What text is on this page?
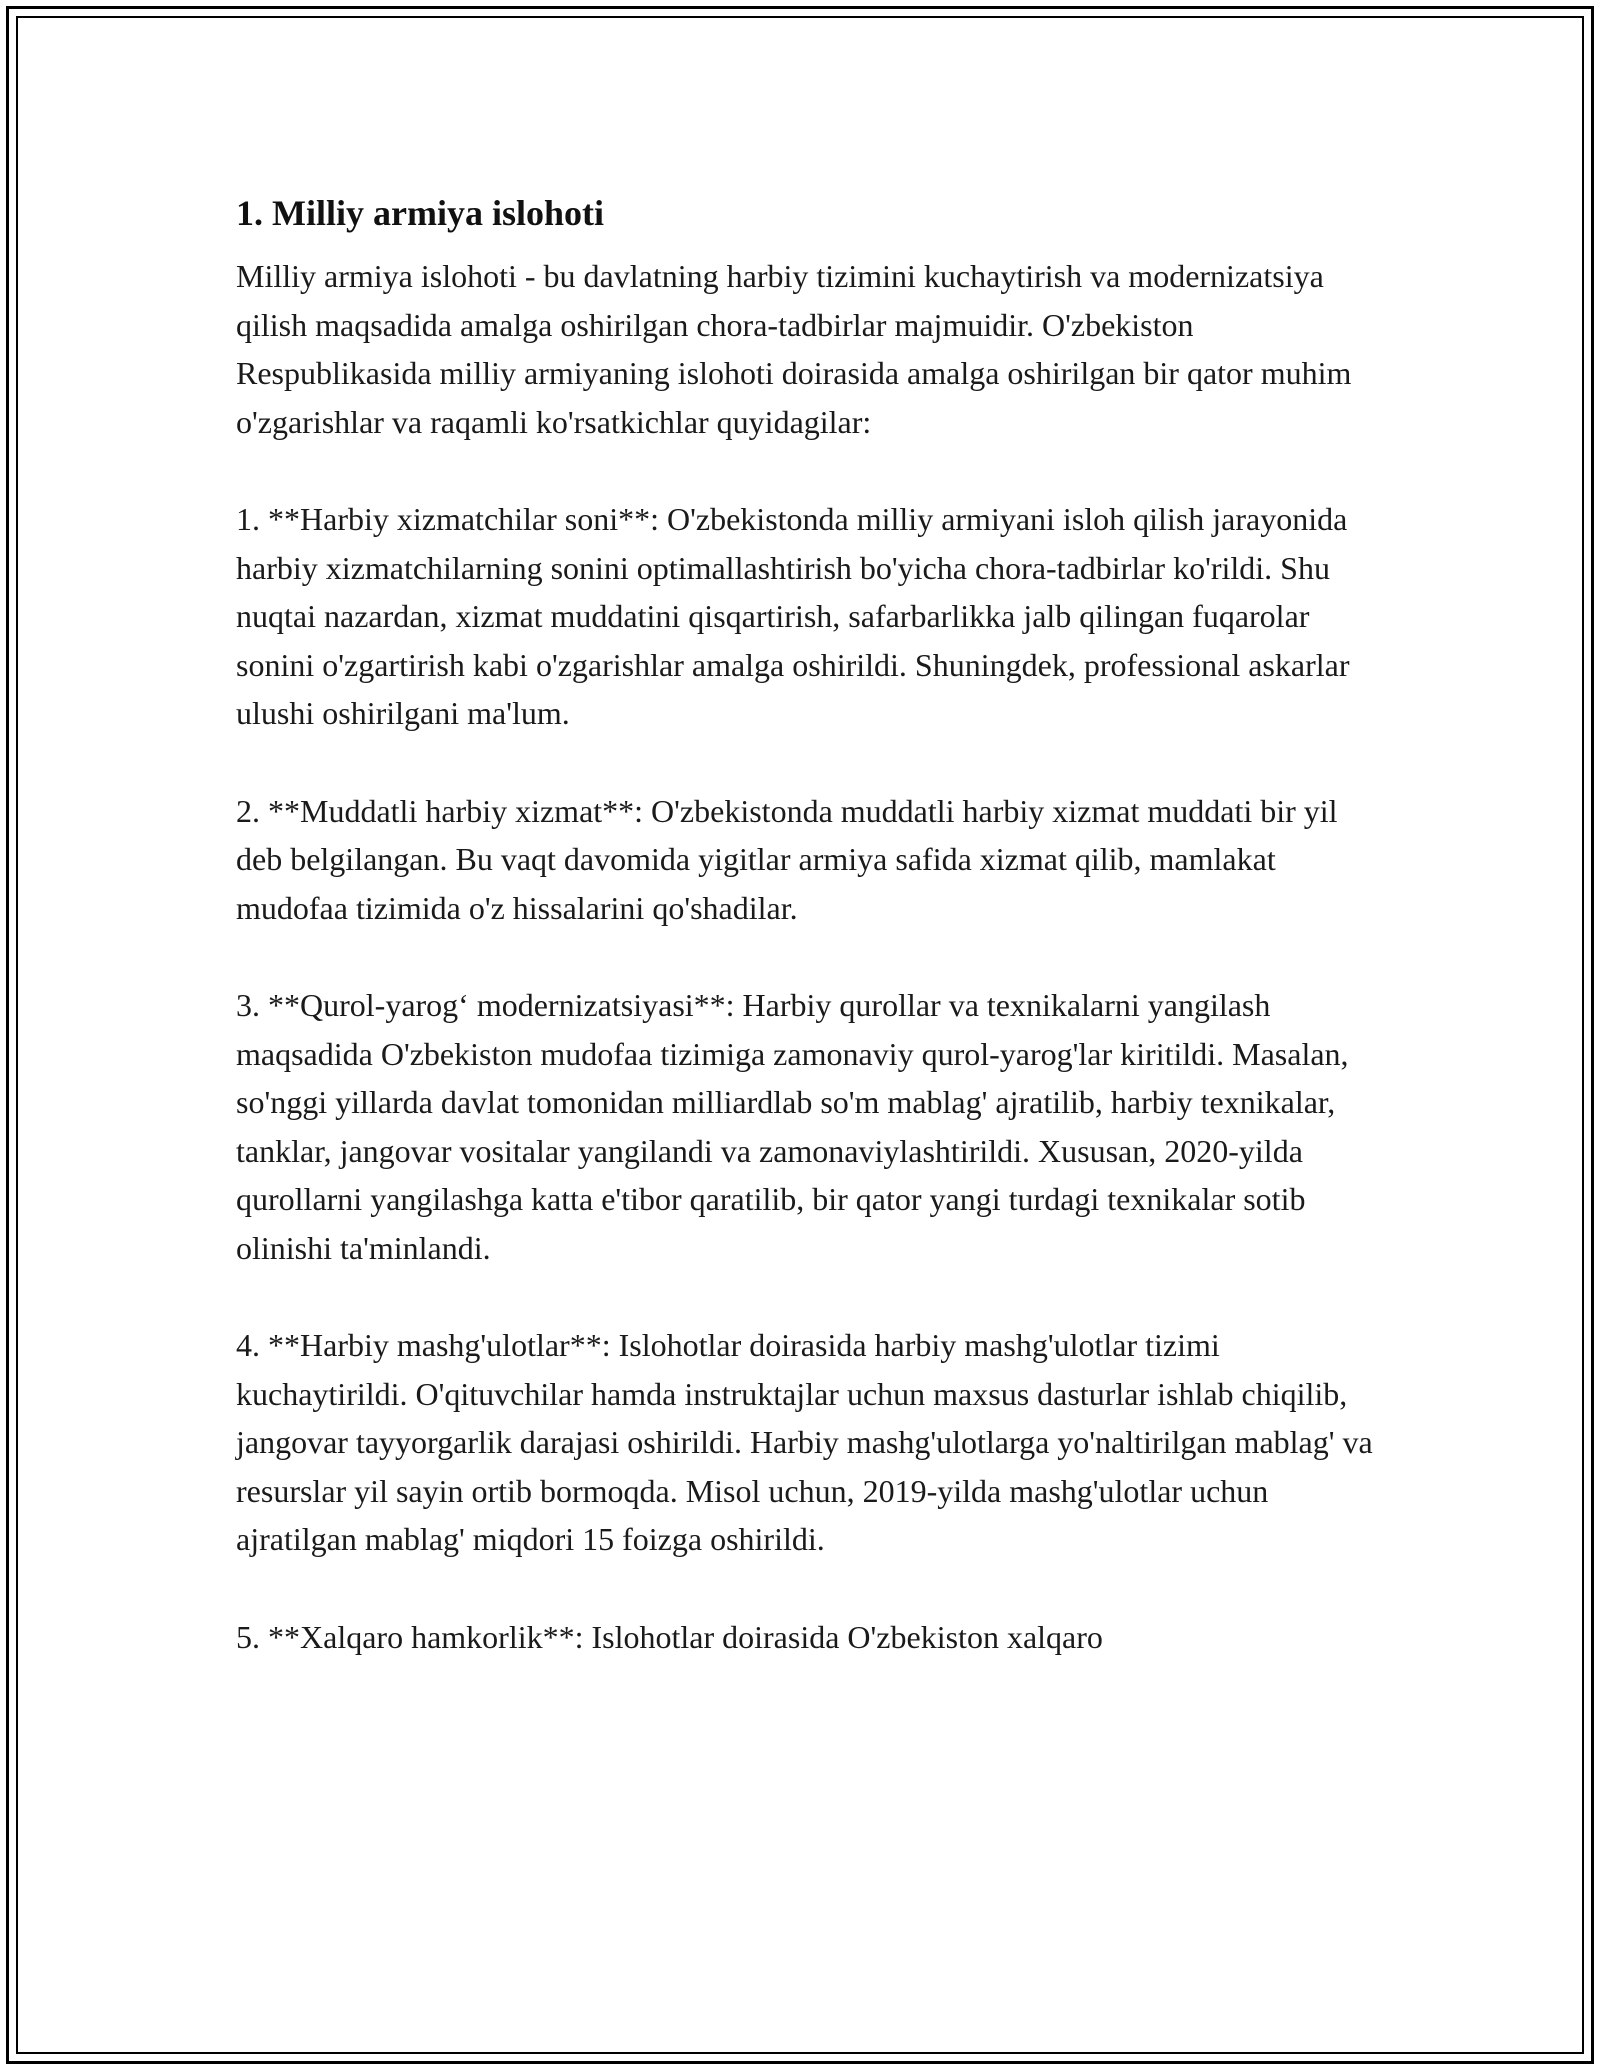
1. Milliy armiya islohoti

Milliy armiya islohoti - bu davlatning harbiy tizimini kuchaytirish va modernizatsiya qilish maqsadida amalga oshirilgan chora-tadbirlar majmuidir. O'zbekiston Respublikasida milliy armiyaning islohoti doirasida amalga oshirilgan bir qator muhim o'zgarishlar va raqamli ko'rsatkichlar quyidagilar:

1. **Harbiy xizmatchilar soni**: O'zbekistonda milliy armiyani isloh qilish jarayonida harbiy xizmatchilarning sonini optimallashtirish bo'yicha chora-tadbirlar ko'rildi. Shu nuqtai nazardan, xizmat muddatini qisqartirish, safarbarlikka jalb qilingan fuqarolar sonini o'zgartirish kabi o'zgarishlar amalga oshirildi. Shuningdek, professional askarlar ulushi oshirilgani ma'lum.

2. **Muddatli harbiy xizmat**: O'zbekistonda muddatli harbiy xizmat muddati bir yil deb belgilangan. Bu vaqt davomida yigitlar armiya safida xizmat qilib, mamlakat mudofaa tizimida o'z hissalarini qo'shadilar.

3. **Qurol-yarog‘ modernizatsiyasi**: Harbiy qurollar va texnikalarni yangilash maqsadida O'zbekiston mudofaa tizimiga zamonaviy qurol-yarog'lar kiritildi. Masalan, so'nggi yillarda davlat tomonidan milliardlab so'm mablag' ajratilib, harbiy texnikalar, tanklar, jangovar vositalar yangilandi va zamonaviylashtirildi. Xususan, 2020-yilda qurollarni yangilashga katta e'tibor qaratilib, bir qator yangi turdagi texnikalar sotib olinishi ta'minlandi.

4. **Harbiy mashg'ulotlar**: Islohotlar doirasida harbiy mashg'ulotlar tizimi kuchaytirildi. O'qituvchilar hamda instruktajlar uchun maxsus dasturlar ishlab chiqilib, jangovar tayyorgarlik darajasi oshirildi. Harbiy mashg'ulotlarga yo'naltirilgan mablag' va resurslar yil sayin ortib bormoqda. Misol uchun, 2019-yilda mashg'ulotlar uchun ajratilgan mablag' miqdori 15 foizga oshirildi.

5. **Xalqaro hamkorlik**: Islohotlar doirasida O'zbekiston xalqaro
